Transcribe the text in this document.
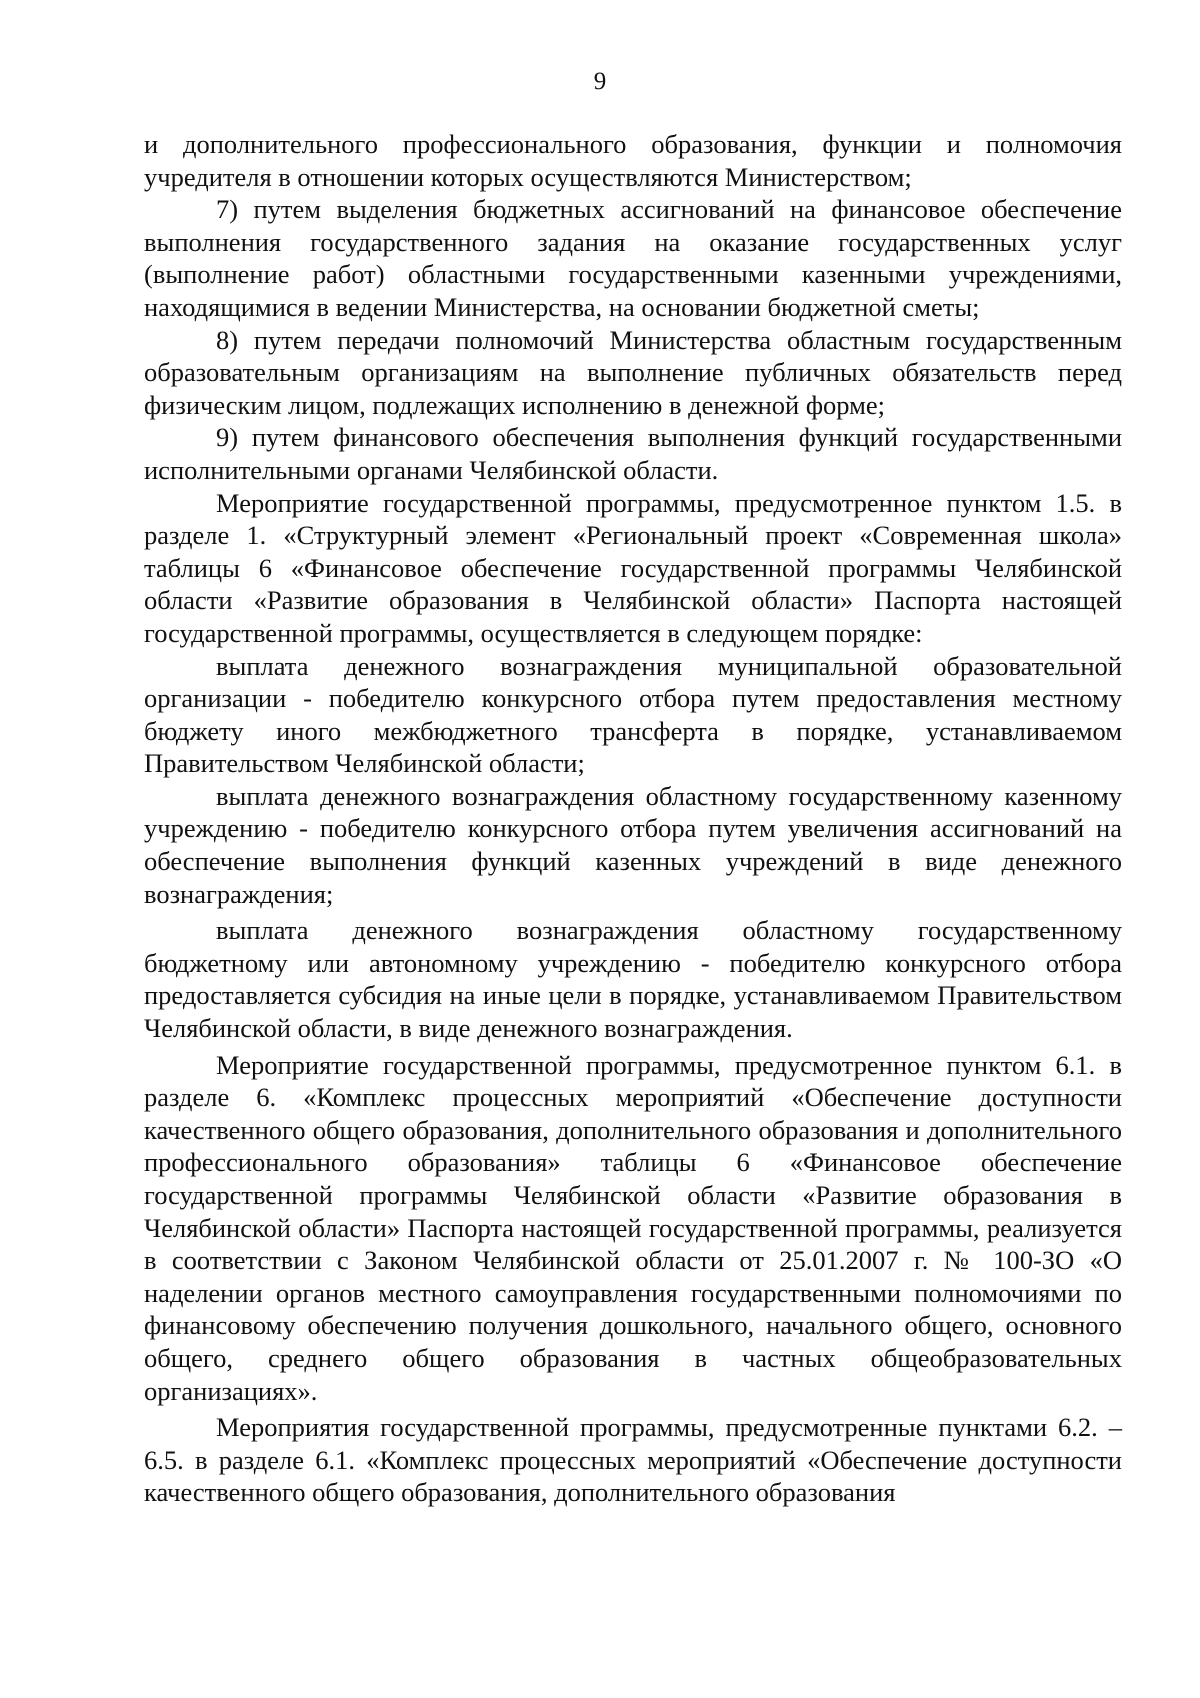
9

и дополнительного профессионального образования, функции и полномочия учредителя в отношении которых осуществляются Министерством;

7) путем выделения бюджетных ассигнований на финансовое обеспечение выполнения государственного задания на оказание государственных услуг (выполнение работ) областными государственными казенными учреждениями, находящимися в ведении Министерства, на основании бюджетной сметы;

8) путем передачи полномочий Министерства областным государственным образовательным организациям на выполнение публичных обязательств перед физическим лицом, подлежащих исполнению в денежной форме;

9) путем финансового обеспечения выполнения функций государственными исполнительными органами Челябинской области.

Мероприятие государственной программы, предусмотренное пунктом 1.5. в разделе 1. «Структурный элемент «Региональный проект «Современная школа» таблицы 6 «Финансовое обеспечение государственной программы Челябинской области «Развитие образования в Челябинской области» Паспорта настоящей государственной программы, осуществляется в следующем порядке:

выплата денежного вознаграждения муниципальной образовательной организации - победителю конкурсного отбора путем предоставления местному бюджету иного межбюджетного трансферта в порядке, устанавливаемом Правительством Челябинской области;

выплата денежного вознаграждения областному государственному казенному учреждению - победителю конкурсного отбора путем увеличения ассигнований на обеспечение выполнения функций казенных учреждений в виде денежного вознаграждения;

выплата денежного вознаграждения областному государственному бюджетному или автономному учреждению - победителю конкурсного отбора предоставляется субсидия на иные цели в порядке, устанавливаемом Правительством Челябинской области, в виде денежного вознаграждения.

Мероприятие государственной программы, предусмотренное пунктом 6.1. в разделе 6. «Комплекс процессных мероприятий «Обеспечение доступности качественного общего образования, дополнительного образования и дополнительного профессионального образования» таблицы 6 «Финансовое обеспечение государственной программы Челябинской области «Развитие образования в Челябинской области» Паспорта настоящей государственной программы, реализуется в соответствии с Законом Челябинской области от 25.01.2007 г. № 100-ЗО «О наделении органов местного самоуправления государственными полномочиями по финансовому обеспечению получения дошкольного, начального общего, основного общего, среднего общего образования в частных общеобразовательных организациях».

Мероприятия государственной программы, предусмотренные пунктами 6.2. – 6.5. в разделе 6.1. «Комплекс процессных мероприятий «Обеспечение доступности качественного общего образования, дополнительного образования
